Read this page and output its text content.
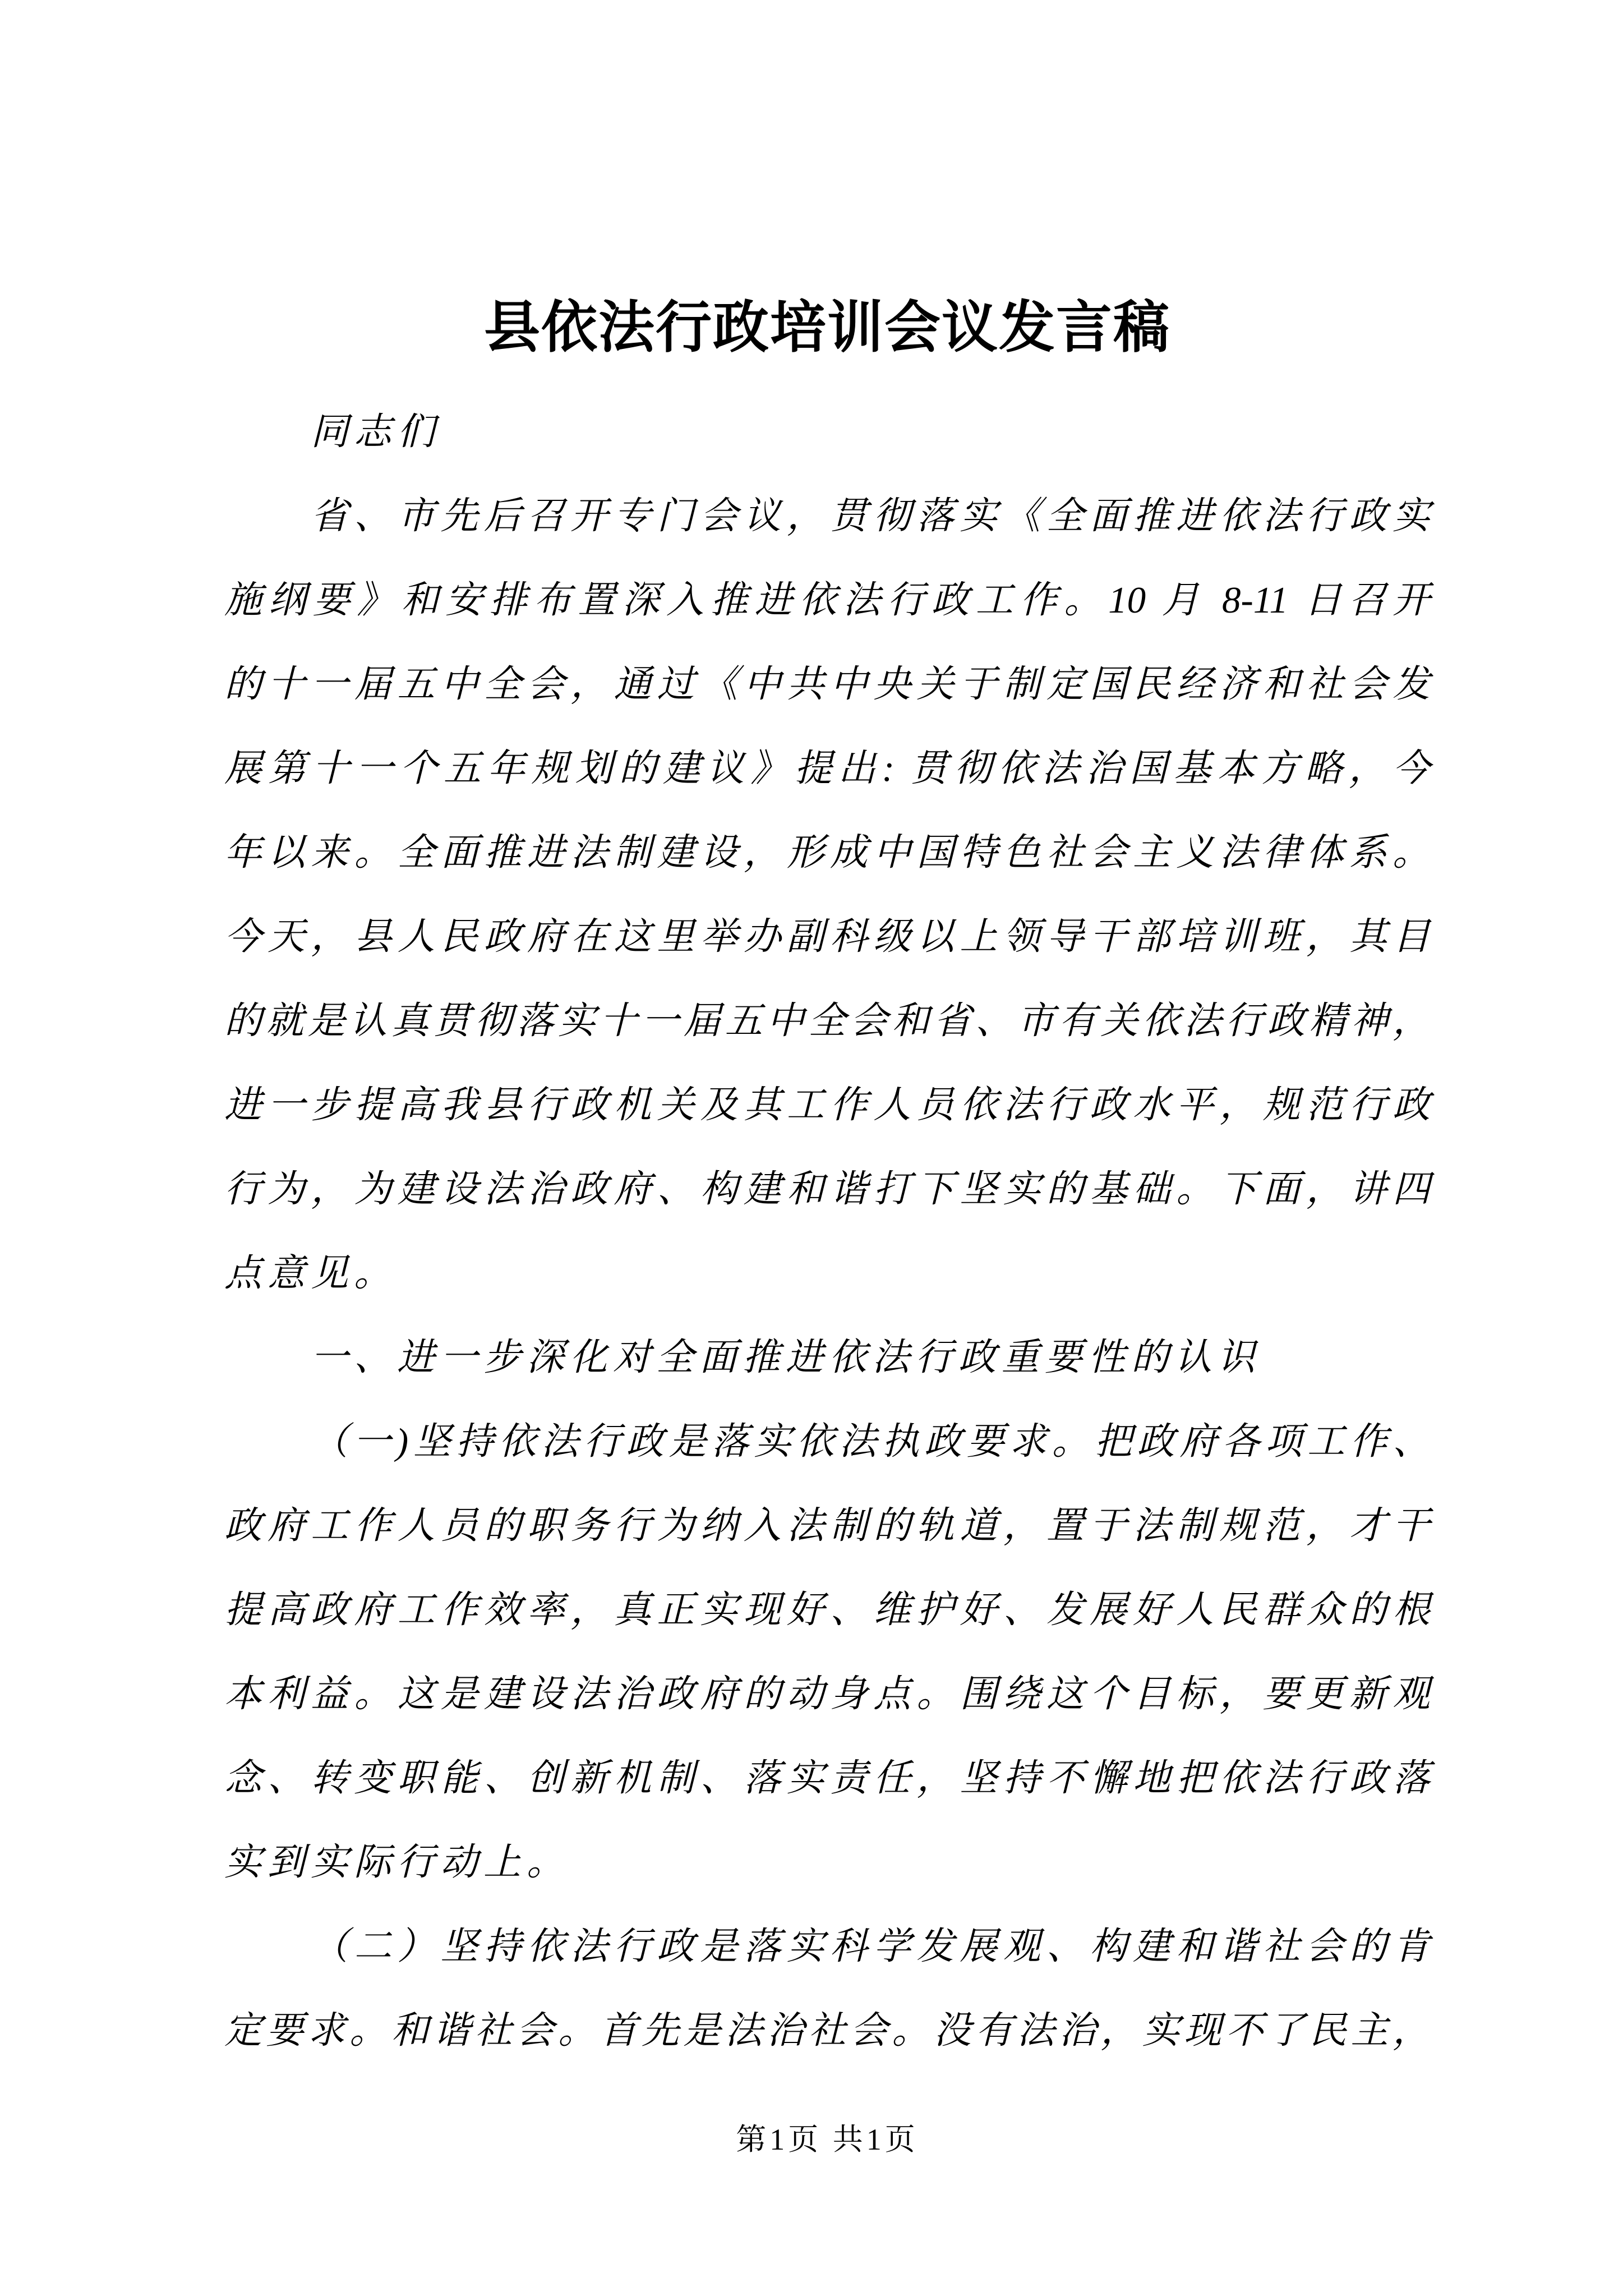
县依法行政培训会议发言稿
同志们
省、市先后召开专门会议，贯彻落实《全面推进依法行政实
施纲要》和安排布置深入推进依法行政工作。10 月 8-11 日召开
的十一届五中全会，通过《中共中央关于制定国民经济和社会发
展第十一个五年规划的建议》提出: 贯彻依法治国基本方略，今
年以来。全面推进法制建设，形成中国特色社会主义法律体系。
今天，县人民政府在这里举办副科级以上领导干部培训班，其目
的就是认真贯彻落实十一届五中全会和省、市有关依法行政精神，
进一步提高我县行政机关及其工作人员依法行政水平，规范行政
行为，为建设法治政府、构建和谐打下坚实的基础。下面，讲四
点意见。
一、进一步深化对全面推进依法行政重要性的认识
（一)坚持依法行政是落实依法执政要求。把政府各项工作、
政府工作人员的职务行为纳入法制的轨道，置于法制规范，才干
提高政府工作效率，真正实现好、维护好、发展好人民群众的根
本利益。这是建设法治政府的动身点。围绕这个目标，要更新观
念、转变职能、创新机制、落实责任，坚持不懈地把依法行政落
实到实际行动上。
（二）坚持依法行政是落实科学发展观、构建和谐社会的肯
定要求。和谐社会。首先是法治社会。没有法治，实现不了民主，
第1页 共1页
